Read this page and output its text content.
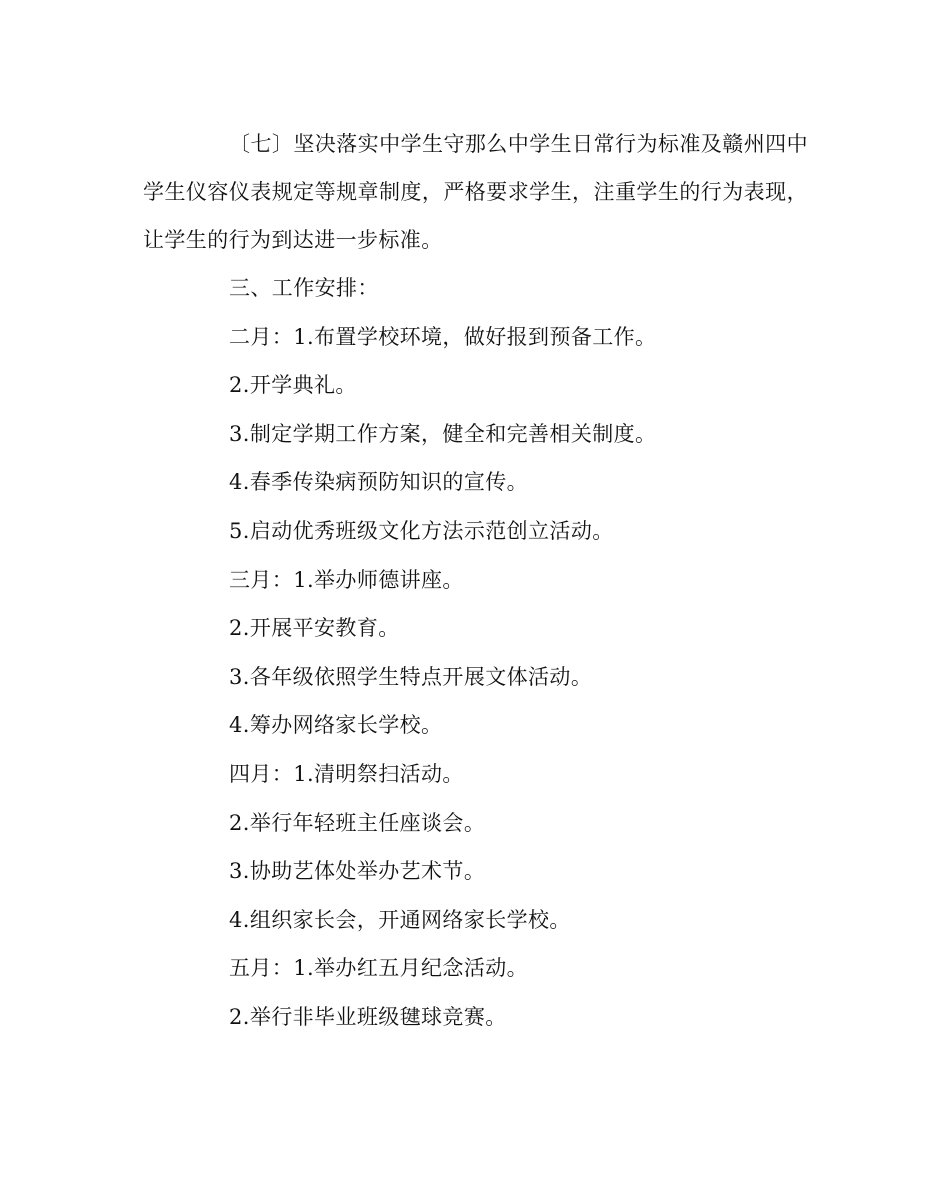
〔七〕坚决落实中学生守那么中学生日常行为标准及赣州四中学生仪容仪表规定等规章制度，严格要求学生，注重学生的行为表现，让学生的行为到达进一步标准。

三、工作安排：

二月：1.布置学校环境，做好报到预备工作。

2.开学典礼。

3.制定学期工作方案，健全和完善相关制度。

4.春季传染病预防知识的宣传。

5.启动优秀班级文化方法示范创立活动。

三月：1.举办师德讲座。

2.开展平安教育。

3.各年级依照学生特点开展文体活动。

4.筹办网络家长学校。

四月：1.清明祭扫活动。

2.举行年轻班主任座谈会。

3.协助艺体处举办艺术节。

4.组织家长会，开通网络家长学校。

五月：1.举办红五月纪念活动。

2.举行非毕业班级毽球竞赛。
